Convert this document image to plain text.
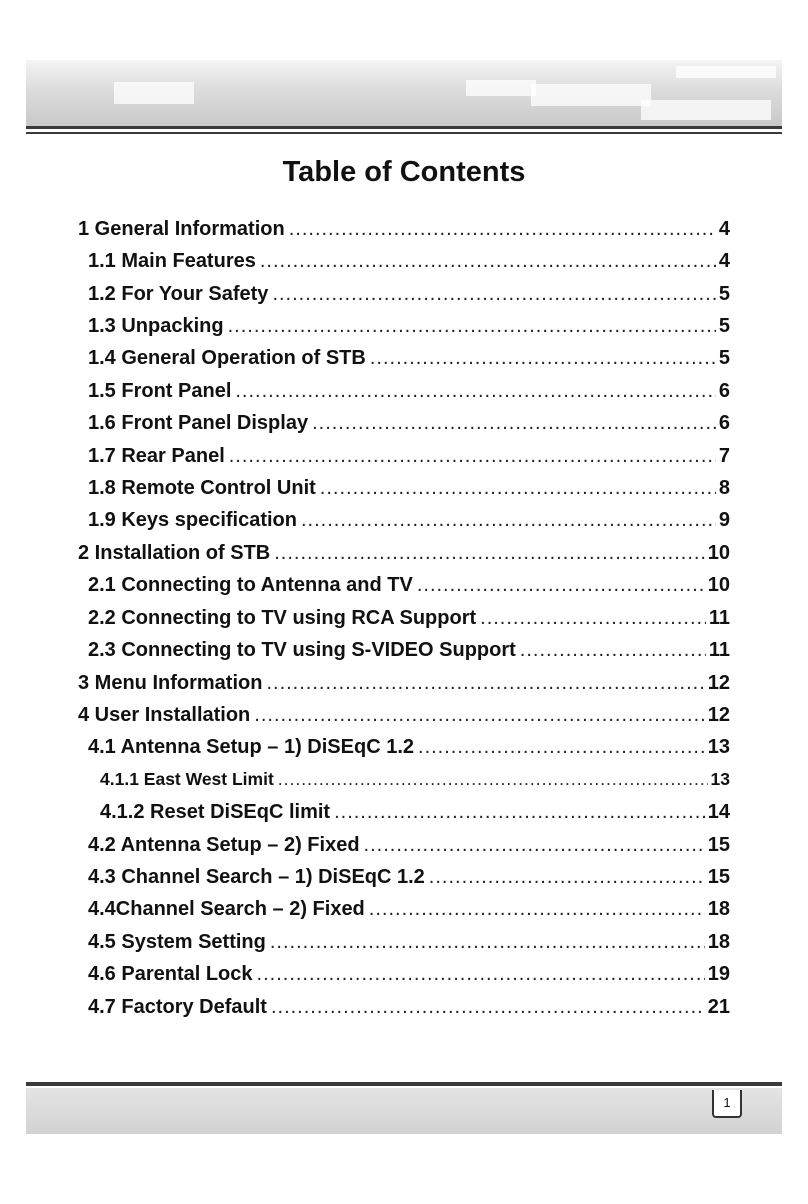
Table of Contents
1 General Information .....	4
1.1 Main Features .....	4
1.2 For Your Safety .....	5
1.3 Unpacking .....	5
1.4 General Operation of STB .....	5
1.5 Front Panel .....	6
1.6 Front Panel Display .....	6
1.7 Rear Panel .....	7
1.8 Remote Control Unit .....	8
1.9 Keys specification .....	9
2 Installation of STB .....	10
2.1 Connecting to Antenna and TV .....	10
2.2 Connecting to TV using RCA Support .....	11
2.3 Connecting to TV using S-VIDEO Support .....	11
3 Menu Information .....	12
4 User Installation .....	12
4.1 Antenna Setup – 1) DiSEqC 1.2 .....	13
4.1.1 East West Limit .....	13
4.1.2 Reset DiSEqC limit .....	14
4.2 Antenna Setup – 2) Fixed .....	15
4.3 Channel Search – 1) DiSEqC 1.2 .....	15
4.4Channel Search – 2) Fixed .....	18
4.5 System Setting .....	18
4.6 Parental Lock .....	19
4.7 Factory Default .....	21
1
